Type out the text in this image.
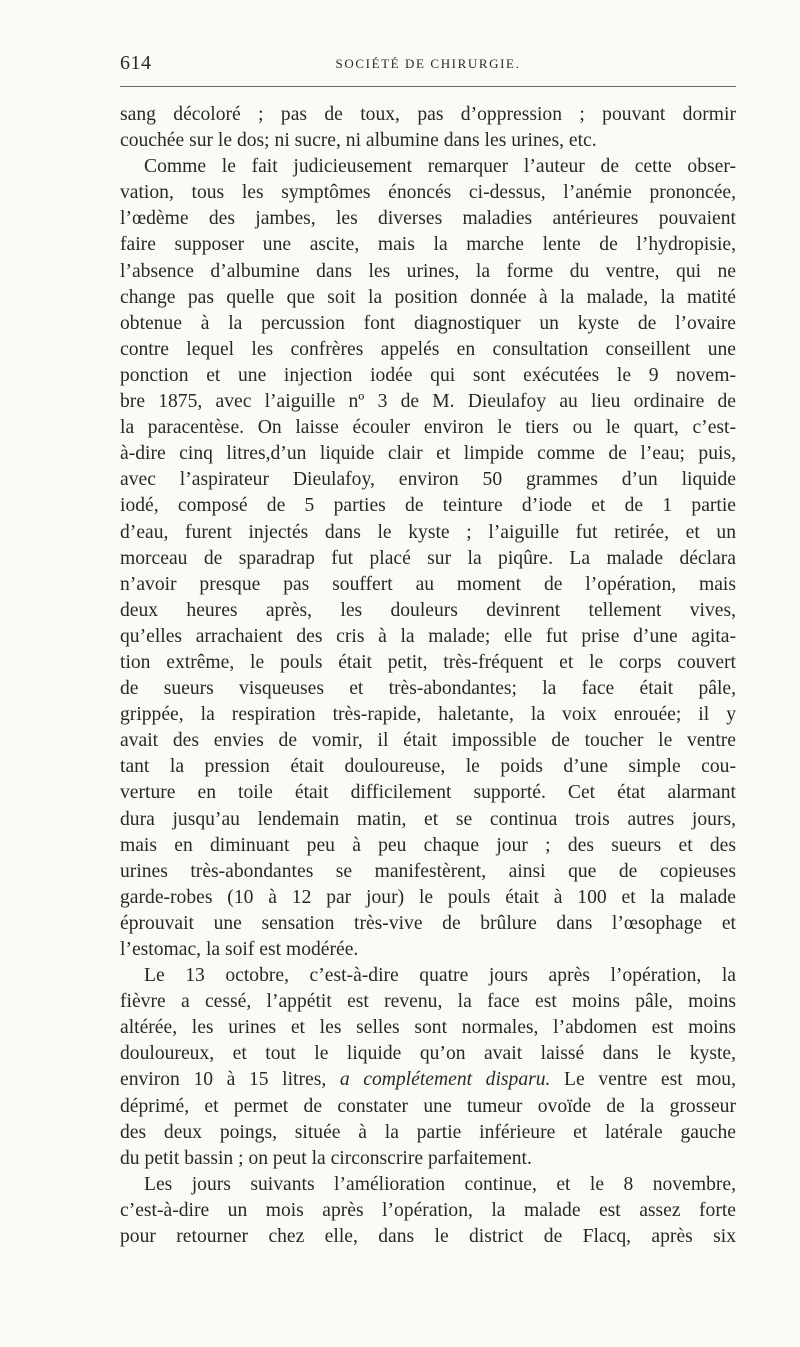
614	SOCIÉTÉ DE CHIRURGIE.
sang décoloré ; pas de toux, pas d’oppression ; pouvant dormir
couchée sur le dos; ni sucre, ni albumine dans les urines, etc.
Comme le fait judicieusement remarquer l’auteur de cette obser-
vation, tous les symptômes énoncés ci-dessus, l’anémie prononcée,
l’œdème des jambes, les diverses maladies antérieures pouvaient
faire supposer une ascite, mais la marche lente de l’hydropisie,
l’absence d’albumine dans les urines, la forme du ventre, qui ne
change pas quelle que soit la position donnée à la malade, la matité
obtenue à la percussion font diagnostiquer un kyste de l’ovaire
contre lequel les confrères appelés en consultation conseillent une
ponction et une injection iodée qui sont exécutées le 9 novem-
bre 1875, avec l’aiguille nº 3 de M. Dieulafoy au lieu ordinaire de
la paracentèse. On laisse écouler environ le tiers ou le quart, c’est-
à-dire cinq litres,d’un liquide clair et limpide comme de l’eau; puis,
avec l’aspirateur Dieulafoy, environ 50 grammes d’un liquide
iodé, composé de 5 parties de teinture d’iode et de 1 partie
d’eau, furent injectés dans le kyste ; l’aiguille fut retirée, et un
morceau de sparadrap fut placé sur la piqûre. La malade déclara
n’avoir presque pas souffert au moment de l’opération, mais
deux heures après, les douleurs devinrent tellement vives,
qu’elles arrachaient des cris à la malade; elle fut prise d’une agita-
tion extrême, le pouls était petit, très-fréquent et le corps couvert
de sueurs visqueuses et très-abondantes; la face était pâle,
grippée, la respiration très-rapide, haletante, la voix enrouée; il y
avait des envies de vomir, il était impossible de toucher le ventre
tant la pression était douloureuse, le poids d’une simple cou-
verture en toile était difficilement supporté. Cet état alarmant
dura jusqu’au lendemain matin, et se continua trois autres jours,
mais en diminuant peu à peu chaque jour ; des sueurs et des
urines très-abondantes se manifestèrent, ainsi que de copieuses
garde-robes (10 à 12 par jour) le pouls était à 100 et la malade
éprouvait une sensation très-vive de brûlure dans l’œsophage et
l’estomac, la soif est modérée.
Le 13 octobre, c’est-à-dire quatre jours après l’opération, la
fièvre a cessé, l’appétit est revenu, la face est moins pâle, moins
altérée, les urines et les selles sont normales, l’abdomen est moins
douloureux, et tout le liquide qu’on avait laissé dans le kyste,
environ 10 à 15 litres, a complétement disparu. Le ventre est mou,
déprimé, et permet de constater une tumeur ovoïde de la grosseur
des deux poings, située à la partie inférieure et latérale gauche
du petit bassin ; on peut la circonscrire parfaitement.
Les jours suivants l’amélioration continue, et le 8 novembre,
c’est-à-dire un mois après l’opération, la malade est assez forte
pour retourner chez elle, dans le district de Flacq, après six
